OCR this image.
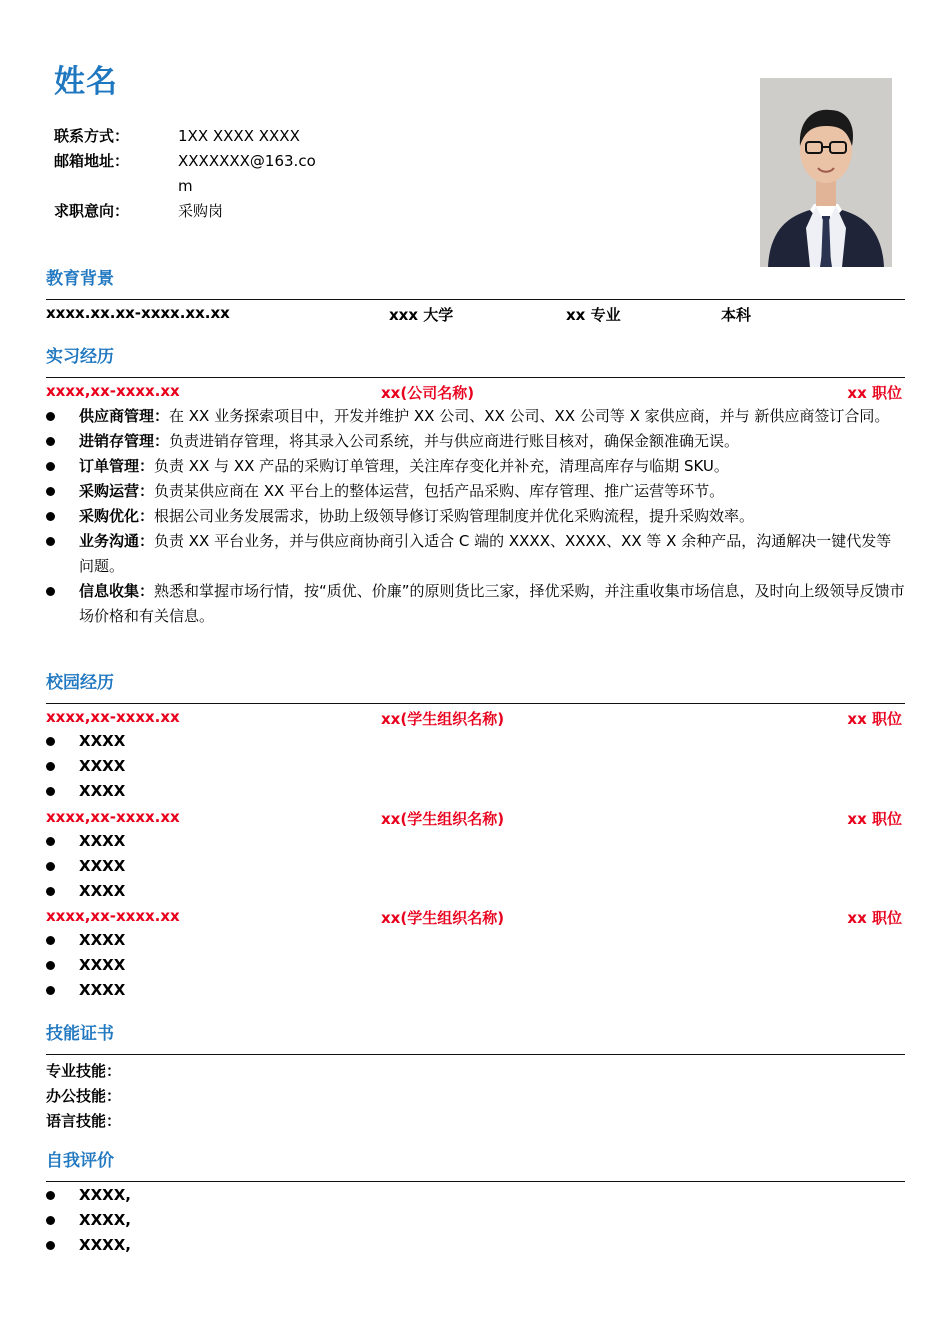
姓名
联系方式：	1XX XXXX XXXX
邮箱地址：	XXXXXXX@163.com
求职意向：	采购岗
教育背景
xxxx.xx.xx-xxxx.xx.xx	xxx 大学	xx 专业	本科
实习经历
xxxx,xx-xxxx.xx	xx(公司名称)	xx 职位
供应商管理：在 XX 业务探索项目中，开发并维护 XX 公司、XX 公司、XX 公司等 X 家供应商，并与 新供应商签订合同。
进销存管理：负责进销存管理，将其录入公司系统，并与供应商进行账目核对，确保金额准确无误。
订单管理：负责 XX 与 XX 产品的采购订单管理，关注库存变化并补充，清理高库存与临期 SKU。
采购运营：负责某供应商在 XX 平台上的整体运营，包括产品采购、库存管理、推广运营等环节。
采购优化：根据公司业务发展需求，协助上级领导修订采购管理制度并优化采购流程，提升采购效率。
业务沟通：负责 XX 平台业务，并与供应商协商引入适合 C 端的 XXXX、XXXX、XX 等 X 余种产品，沟通解决一键代发等问题。
信息收集：熟悉和掌握市场行情，按“质优、价廉”的原则货比三家，择优采购，并注重收集市场信息，及时向上级领导反馈市场价格和有关信息。
校园经历
xxxx,xx-xxxx.xx	xx(学生组织名称)	xx 职位
XXXX
XXXX
XXXX
xxxx,xx-xxxx.xx	xx(学生组织名称)	xx 职位
XXXX
XXXX
XXXX
xxxx,xx-xxxx.xx	xx(学生组织名称)	xx 职位
XXXX
XXXX
XXXX
技能证书
专业技能：
办公技能：
语言技能：
自我评价
XXXX,
XXXX,
XXXX,
